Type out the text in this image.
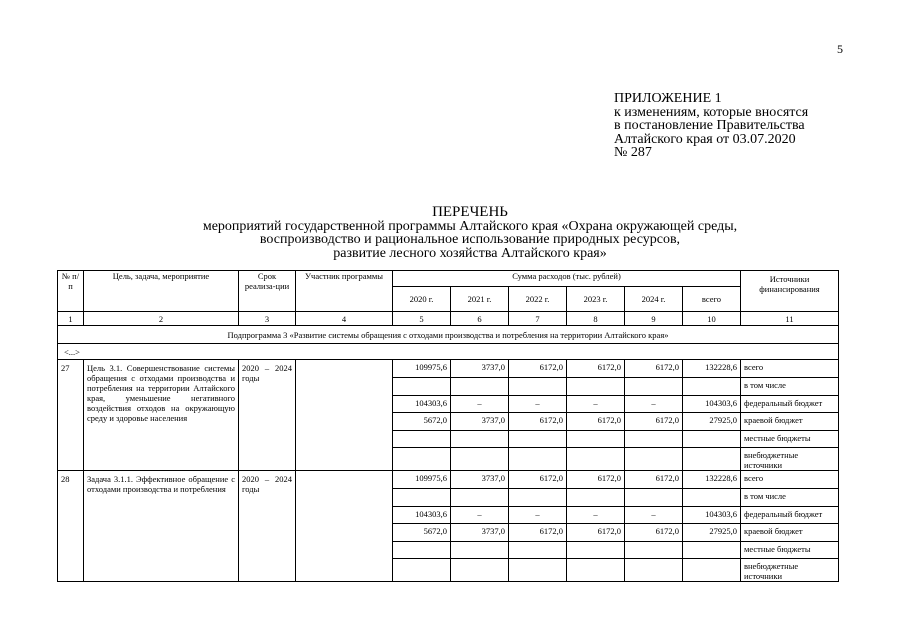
5
ПРИЛОЖЕНИЕ 1
к изменениям, которые вносятся
в постановление Правительства
Алтайского края от 03.07.2020
№ 287
ПЕРЕЧЕНЬ
мероприятий государственной программы Алтайского края «Охрана окружающей среды,
воспроизводство и рациональное использование природных ресурсов,
развитие лесного хозяйства Алтайского края»
№ п/п	Цель, задача, мероприятие	Срок реализа-ции	Участник программы	Сумма расходов (тыс. рублей)						Источники финансирования
				2020 г.	2021 г.	2022 г.	2023 г.	2024 г.	всего	
1	2	3	4	5	6	7	8	9	10	11
Подпрограмма 3 «Развитие системы обращения с отходами производства и потребления на территории Алтайского края»										
<...>										
27	Цель 3.1. Совершенствование системы обращения с отходами производства и потребления на территории Алтайского края, уменьшение негативного воздействия отходов на окружающую среду и здоровье населения	2020 – 2024 годы		109975,6	3737,0	6172,0	6172,0	6172,0	132228,6	всего
										в том числе
				104303,6	–	–	–	–	104303,6	федеральный бюджет
				5672,0	3737,0	6172,0	6172,0	6172,0	27925,0	краевой бюджет
										местные бюджеты
										внебюджетные источники
28	Задача 3.1.1. Эффективное обращение с отходами производства и потребления	2020 – 2024 годы		109975,6	3737,0	6172,0	6172,0	6172,0	132228,6	всего
										в том числе
				104303,6	–	–	–	–	104303,6	федеральный бюджет
				5672,0	3737,0	6172,0	6172,0	6172,0	27925,0	краевой бюджет
										местные бюджеты
										внебюджетные источники
